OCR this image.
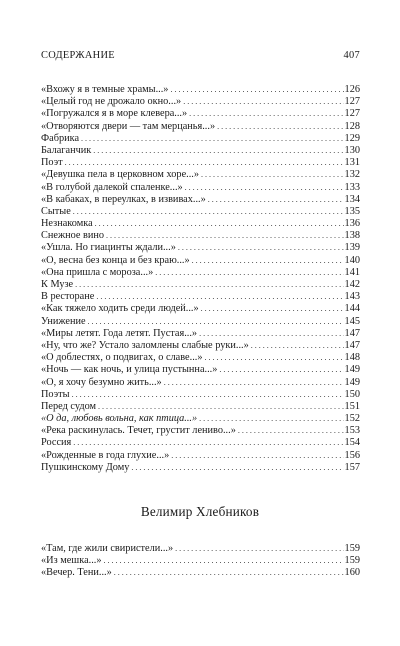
СОДЕРЖАНИЕ	407
«Вхожу я в темные храмы...» . . .	126
«Целый год не дрожало окно...» . . .	127
«Погружался я в море клевера...» . . .	127
«Отворяются двери — там мерцанья...» . . .	128
Фабрика . . .	129
Балаганчик . . .	130
Поэт . . .	131
«Девушка пела в церковном хоре...» . . .	132
«В голубой далекой спаленке...» . . .	133
«В кабаках, в переулках, в извивах...» . . .	134
Сытые . . .	135
Незнакомка . . .	136
Снежное вино . . .	138
«Ушла. Но гиацинты ждали...» . . .	139
«О, весна без конца и без краю...» . . .	140
«Она пришла с мороза...» . . .	141
К Музе . . .	142
В ресторане . . .	143
«Как тяжело ходить среди людей...» . . .	144
Унижение . . .	145
«Миры летят. Года летят. Пустая...» . . .	147
«Ну, что же? Устало заломлены слабые руки...» . . .	147
«О доблестях, о подвигах, о славе...» . . .	148
«Ночь — как ночь, и улица пустынна...» . . .	149
«О, я хочу безумно жить...» . . .	149
Поэты . . .	150
Перед судом . . .	151
«О да, любовь вольна, как птица...» . . .	152
«Река раскинулась. Течет, грустит лениво...» . . .	153
Россия . . .	154
«Рожденные в года глухие...» . . .	156
Пушкинскому Дому . . .	157
Велимир Хлебников
«Там, где жили свиристели...» . . .	159
«Из мешка...» . . .	159
«Вечер. Тени...» . . .	160
